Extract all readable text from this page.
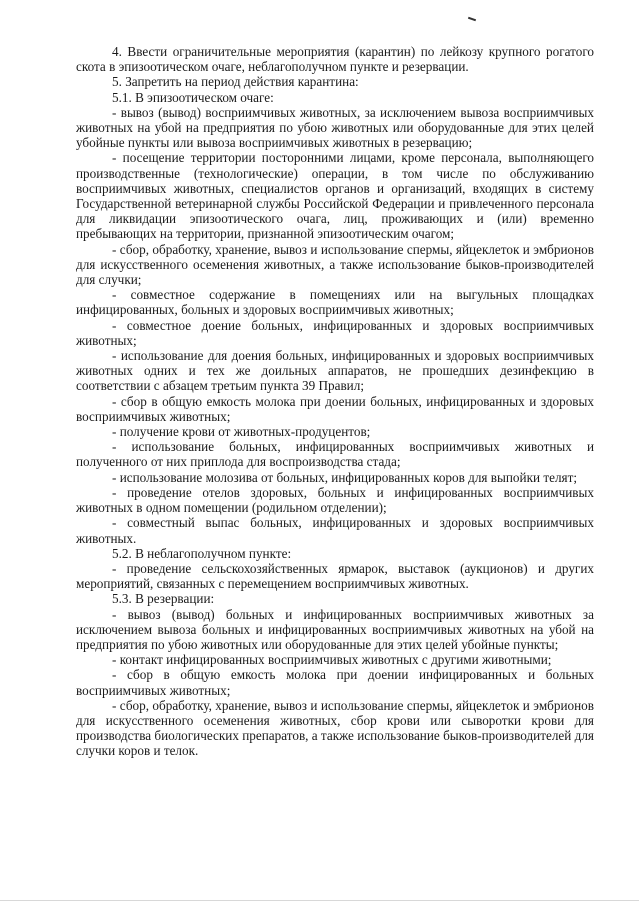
4. Ввести ограничительные мероприятия (карантин) по лейкозу крупного рогатого скота в эпизоотическом очаге, неблагополучном пункте и резервации.

5. Запретить на период действия карантина:

5.1. В эпизоотическом очаге:

- вывоз (вывод) восприимчивых животных, за исключением вывоза восприимчивых животных на убой на предприятия по убою животных или оборудованные для этих целей убойные пункты или вывоза восприимчивых животных в резервацию;

- посещение территории посторонними лицами, кроме персонала, выполняющего производственные (технологические) операции, в том числе по обслуживанию восприимчивых животных, специалистов органов и организаций, входящих в систему Государственной ветеринарной службы Российской Федерации и привлеченного персонала для ликвидации эпизоотического очага, лиц, проживающих и (или) временно пребывающих на территории, признанной эпизоотическим очагом;

- сбор, обработку, хранение, вывоз и использование спермы, яйцеклеток и эмбрионов для искусственного осеменения животных, а также использование быков-производителей для случки;

- совместное содержание в помещениях или на выгульных площадках инфицированных, больных и здоровых восприимчивых животных;

- совместное доение больных, инфицированных и здоровых восприимчивых животных;

- использование для доения больных, инфицированных и здоровых восприимчивых животных одних и тех же доильных аппаратов, не прошедших дезинфекцию в соответствии с абзацем третьим пункта 39 Правил;

- сбор в общую емкость молока при доении больных, инфицированных и здоровых восприимчивых животных;

- получение крови от животных-продуцентов;

- использование больных, инфицированных восприимчивых животных и полученного от них приплода для воспроизводства стада;

- использование молозива от больных, инфицированных коров для выпойки телят;

- проведение отелов здоровых, больных и инфицированных восприимчивых животных в одном помещении (родильном отделении);

- совместный выпас больных, инфицированных и здоровых восприимчивых животных.

5.2. В неблагополучном пункте:

- проведение сельскохозяйственных ярмарок, выставок (аукционов) и других мероприятий, связанных с перемещением восприимчивых животных.

5.3. В резервации:

- вывоз (вывод) больных и инфицированных восприимчивых животных за исключением вывоза больных и инфицированных восприимчивых животных на убой на предприятия по убою животных или оборудованные для этих целей убойные пункты;

- контакт инфицированных восприимчивых животных с другими животными;

- сбор в общую емкость молока при доении инфицированных и больных восприимчивых животных;

- сбор, обработку, хранение, вывоз и использование спермы, яйцеклеток и эмбрионов для искусственного осеменения животных, сбор крови или сыворотки крови для производства биологических препаратов, а также использование быков-производителей для случки коров и телок.
